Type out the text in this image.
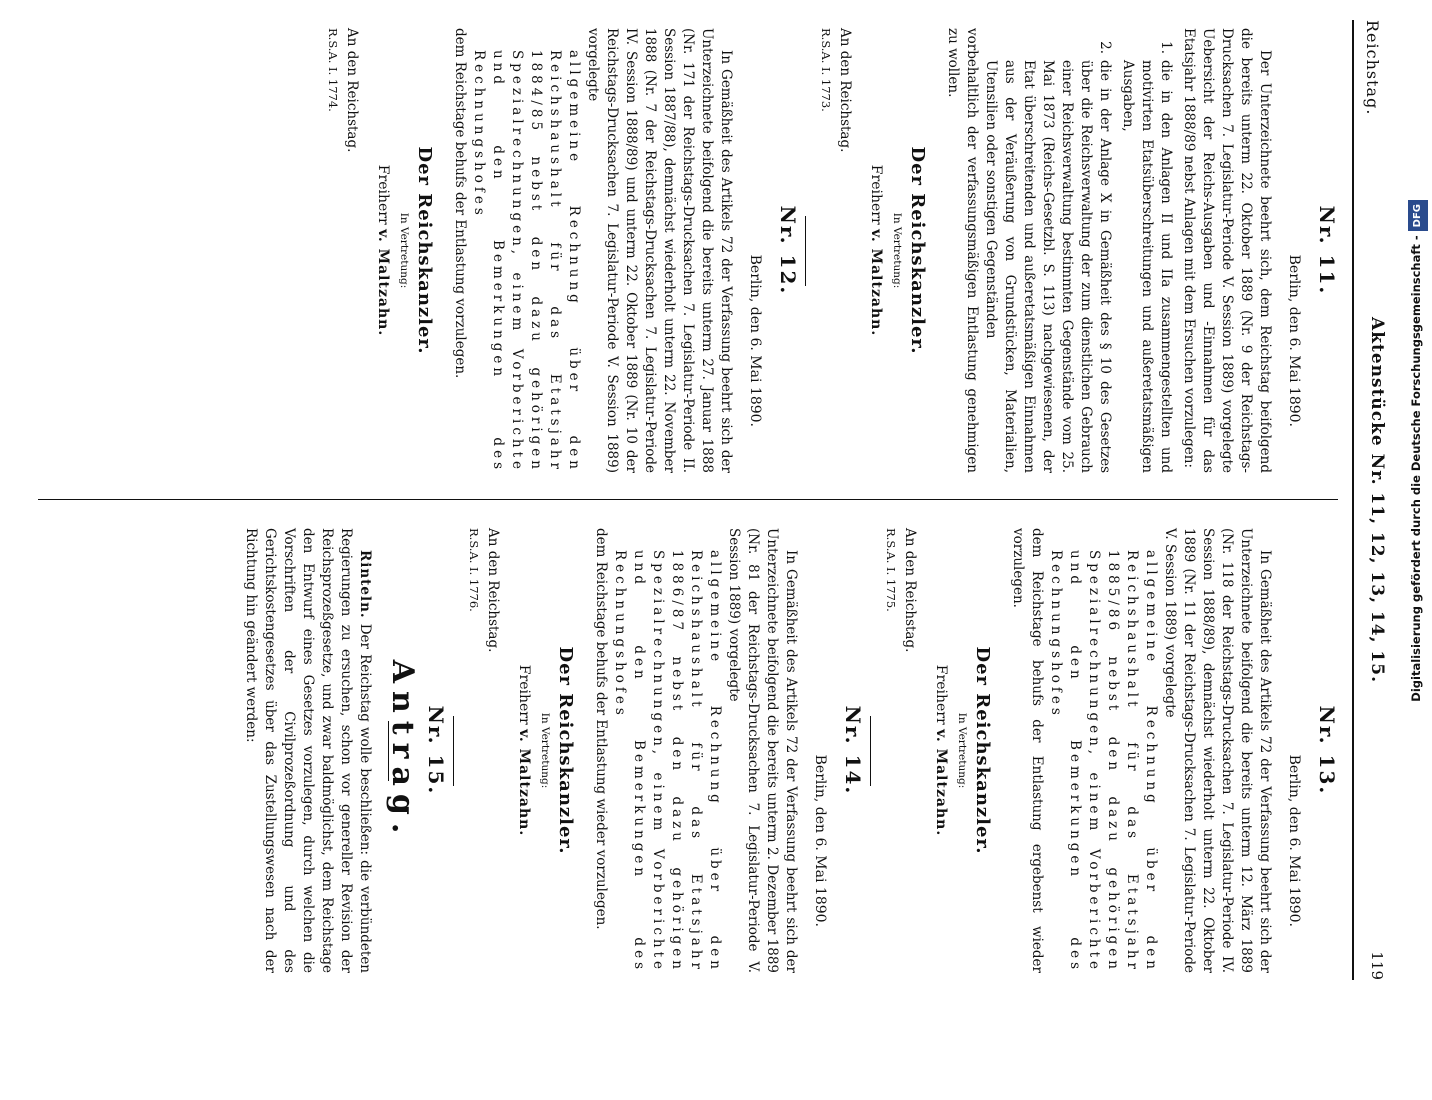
Reichstag.
Aktenstücke Nr. 11, 12, 13, 14, 15.
119
Nr. 11.
Berlin, den 6. Mai 1890.

Der Unterzeichnete beehrt sich, dem Reichstag beifolgend die bereits unterm 22. Oktober 1889 (Nr. 9 der Reichstags-Drucksachen 7. Legislatur-Periode V. Session 1889) vorgelegte Uebersicht der Reichs-Ausgaben und -Einnahmen für das Etatsjahr 1888/89 nebst Anlagen mit dem Ersuchen vorzulegen:

1.
die in den Anlagen II und IIa zusammengestellten und motivirten Etatsüberschreitungen und außeretatsmäßigen Ausgaben,
2.
die in der Anlage X in Gemäßheit des § 10 des Gesetzes über die Reichsverwaltung der zum dienstlichen Gebrauch einer Reichsverwaltung bestimmten Gegenstände vom 25. Mai 1873 (Reichs-Gesetzbl. S. 113) nachgewiesenen, der Etat überschreitenden und außeretatsmäßigen Einnahmen aus der Veräußerung von Grundstücken, Materialien, Utensilien oder sonstigen Gegenständen

vorbehaltlich der verfassungsmäßigen Entlastung genehmigen zu wollen.

Der Reichskanzler.
In Vertretung:
Freiherr v. Maltzahn.
An den Reichstag.
R.S.A. I. 1773.
Nr. 12.
Berlin, den 6. Mai 1890.

In Gemäßheit des Artikels 72 der Verfassung beehrt sich der Unterzeichnete beifolgend die bereits unterm 27. Januar 1888 (Nr. 171 der Reichstags-Drucksachen 7. Legislatur-Periode II. Session 1887/88), demnächst wiederholt unterm 22. November 1888 (Nr. 7 der Reichstags-Drucksachen 7. Legislatur-Periode IV. Session 1888/89) und unterm 22. Oktober 1889 (Nr. 10 der Reichstags-Drucksachen 7. Legislatur-Periode V. Session 1889) vorgelegte

allgemeine Rechnung über den Reichshaushalt für das Etatsjahr 1884/85 nebst den dazu gehörigen Spezialrechnungen, einem Vorberichte und den Bemerkungen des Rechnungshofes

dem Reichstage behufs der Entlastung vorzulegen.

Der Reichskanzler.
In Vertretung:
Freiherr v. Maltzahn.
An den Reichstag.
R.S.A. I. 1774.
Nr. 13.
Berlin, den 6. Mai 1890.

In Gemäßheit des Artikels 72 der Verfassung beehrt sich der Unterzeichnete beifolgend die bereits unterm 12. März 1889 (Nr. 118 der Reichstags-Drucksachen 7. Legislatur-Periode IV. Session 1888/89), demnächst wiederholt unterm 22. Oktober 1889 (Nr. 11 der Reichstags-Drucksachen 7. Legislatur-Periode V. Session 1889) vorgelegte

allgemeine Rechnung über den Reichshaushalt für das Etatsjahr 1885/86 nebst den dazu gehörigen Spezialrechnungen, einem Vorberichte und den Bemerkungen des Rechnungshofes

dem Reichstage behufs der Entlastung ergebenst wieder vorzulegen.

Der Reichskanzler.
In Vertretung:
Freiherr v. Maltzahn.
An den Reichstag.
R.S.A. I. 1775.
Nr. 14.
Berlin, den 6. Mai 1890.

In Gemäßheit des Artikels 72 der Verfassung beehrt sich der Unterzeichnete beifolgend die bereits unterm 2. Dezember 1889 (Nr. 81 der Reichstags-Drucksachen 7. Legislatur-Periode V. Session 1889) vorgelegte

allgemeine Rechnung über den Reichshaushalt für das Etatsjahr 1886/87 nebst den dazu gehörigen Spezialrechnungen, einem Vorberichte und den Bemerkungen des Rechnungshofes

dem Reichstage behufs der Entlastung wieder vorzulegen.

Der Reichskanzler.
In Vertretung:
Freiherr v. Maltzahn.
An den Reichstag.
R.S.A. I. 1776.
Nr. 15.
Antrag.

Rinteln. Der Reichstag wolle beschließen: die verbündeten Regierungen zu ersuchen, schon vor genereller Revision der Reichsprozeßgesetze, und zwar baldmöglichst, dem Reichstage den Entwurf eines Gesetzes vorzulegen, durch welchen die Vorschriften der Civilprozeßordnung und des Gerichtskostengesetzes über das Zustellungswesen nach der Richtung hin geändert werden:	Digitalisierung gefördert durch die Deutsche Forschungsgemeinschaft -DFG
